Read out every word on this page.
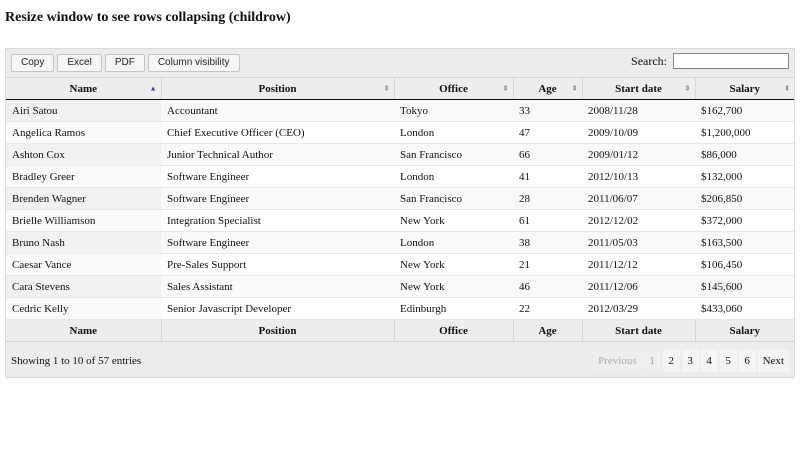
Resize window to see rows collapsing (childrow)
Copy	Excel	PDF	Column visibility	Search:
Name ▲	Position ⇕	Office ⇕	Age ⇕	Start date ⇕	Salary ⇕

Airi Satou	Accountant	Tokyo	33	2008/11/28	$162,700
Angelica Ramos	Chief Executive Officer (CEO)	London	47	2009/10/09	$1,200,000
Ashton Cox	Junior Technical Author	San Francisco	66	2009/01/12	$86,000
Bradley Greer	Software Engineer	London	41	2012/10/13	$132,000
Brenden Wagner	Software Engineer	San Francisco	28	2011/06/07	$206,850
Brielle Williamson	Integration Specialist	New York	61	2012/12/02	$372,000
Bruno Nash	Software Engineer	London	38	2011/05/03	$163,500
Caesar Vance	Pre-Sales Support	New York	21	2011/12/12	$106,450
Cara Stevens	Sales Assistant	New York	46	2011/12/06	$145,600
Cedric Kelly	Senior Javascript Developer	Edinburgh	22	2012/03/29	$433,060
Name	Position	Office	Age	Start date	Salary
Showing 1 to 10 of 57 entries	Previous	1	2	3	4	5	6	Next
